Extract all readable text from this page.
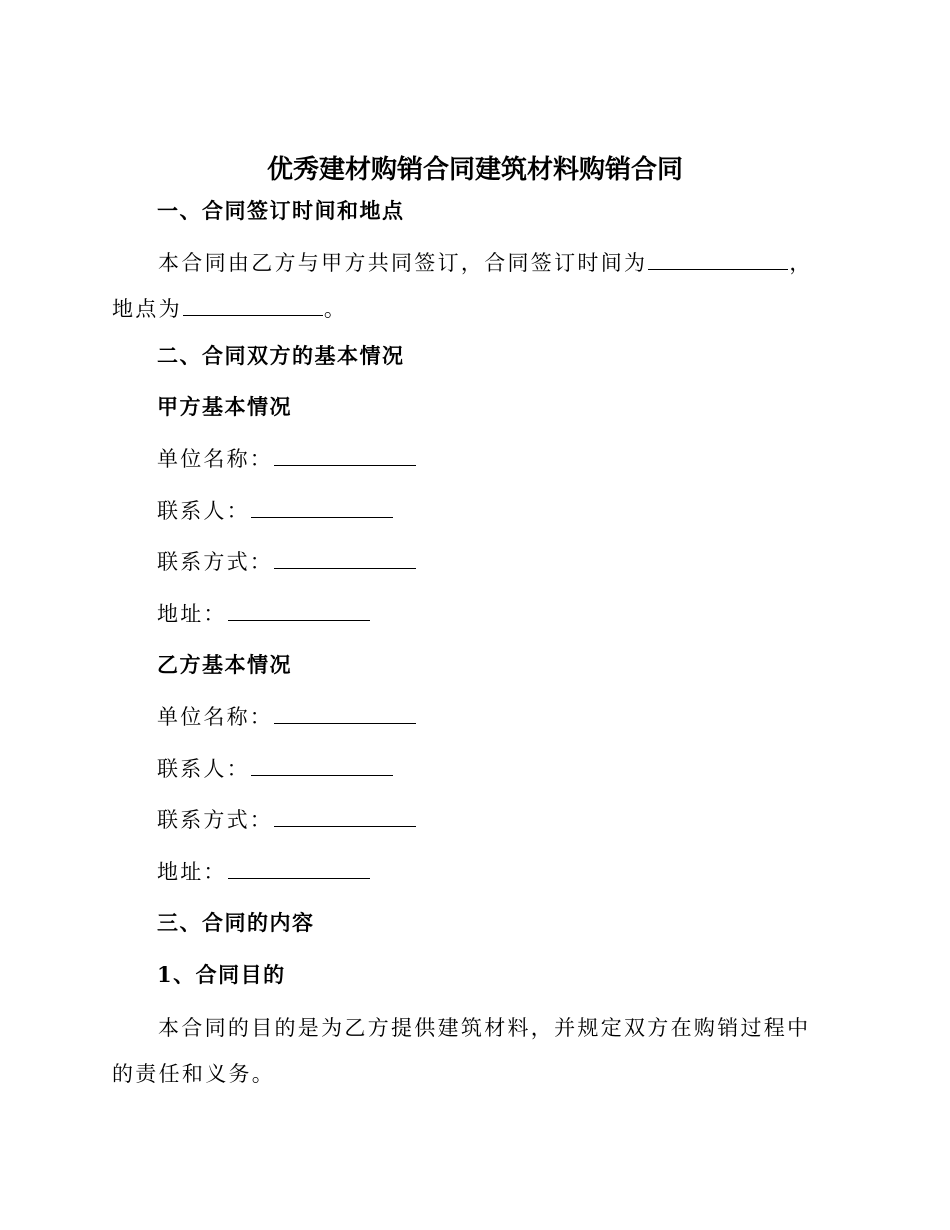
优秀建材购销合同建筑材料购销合同
一、合同签订时间和地点
本合同由乙方与甲方共同签订，合同签订时间为	，地点为	。
二、合同双方的基本情况
甲方基本情况
单位名称：
联系人：
联系方式：
地址：
乙方基本情况
单位名称：
联系人：
联系方式：
地址：
三、合同的内容
1、合同目的
本合同的目的是为乙方提供建筑材料，并规定双方在购销过程中的责任和义务。
